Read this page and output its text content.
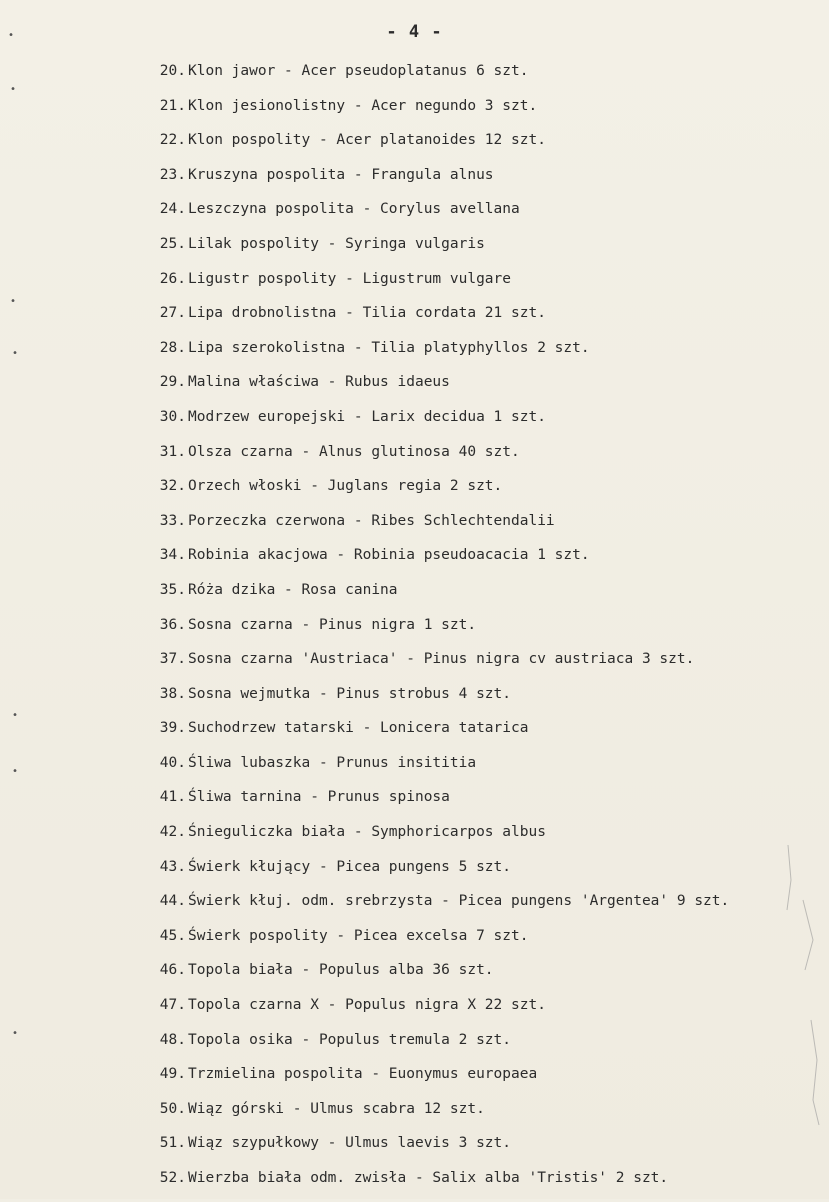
- 4 -
•
•
•
•
•
•
•
20. Klon jawor - Acer pseudoplatanus 6 szt.
21. Klon jesionolistny - Acer negundo 3 szt.
22. Klon pospolity - Acer platanoides 12 szt.
23. Kruszyna pospolita - Frangula alnus
24. Leszczyna pospolita - Corylus avellana
25. Lilak pospolity - Syringa vulgaris
26. Ligustr pospolity - Ligustrum vulgare
27. Lipa drobnolistna - Tilia cordata 21 szt.
28. Lipa szerokolistna - Tilia platyphyllos 2 szt.
29. Malina właściwa - Rubus idaeus
30. Modrzew europejski - Larix decidua 1 szt.
31. Olsza czarna - Alnus glutinosa 40 szt.
32. Orzech włoski - Juglans regia 2 szt.
33. Porzeczka czerwona - Ribes Schlechtendalii
34. Robinia akacjowa - Robinia pseudoacacia 1 szt.
35. Róża dzika - Rosa canina
36. Sosna czarna - Pinus nigra 1 szt.
37. Sosna czarna 'Austriaca' - Pinus nigra cv austriaca 3 szt.
38. Sosna wejmutka - Pinus strobus 4 szt.
39. Suchodrzew tatarski - Lonicera tatarica
40. Śliwa lubaszka - Prunus insititia
41. Śliwa tarnina - Prunus spinosa
42. Śnieguliczka biała - Symphoricarpos albus
43. Świerk kłujący - Picea pungens 5 szt.
44. Świerk kłuj. odm. srebrzysta - Picea pungens 'Argentea' 9 szt.
45. Świerk pospolity - Picea excelsa 7 szt.
46. Topola biała - Populus alba 36 szt.
47. Topola czarna X - Populus nigra X 22 szt.
48. Topola osika - Populus tremula 2 szt.
49. Trzmielina pospolita - Euonymus europaea
50. Wiąz górski - Ulmus scabra 12 szt.
51. Wiąz szypułkowy - Ulmus laevis 3 szt.
52. Wierzba biała odm. zwisła - Salix alba 'Tristis' 2 szt.
